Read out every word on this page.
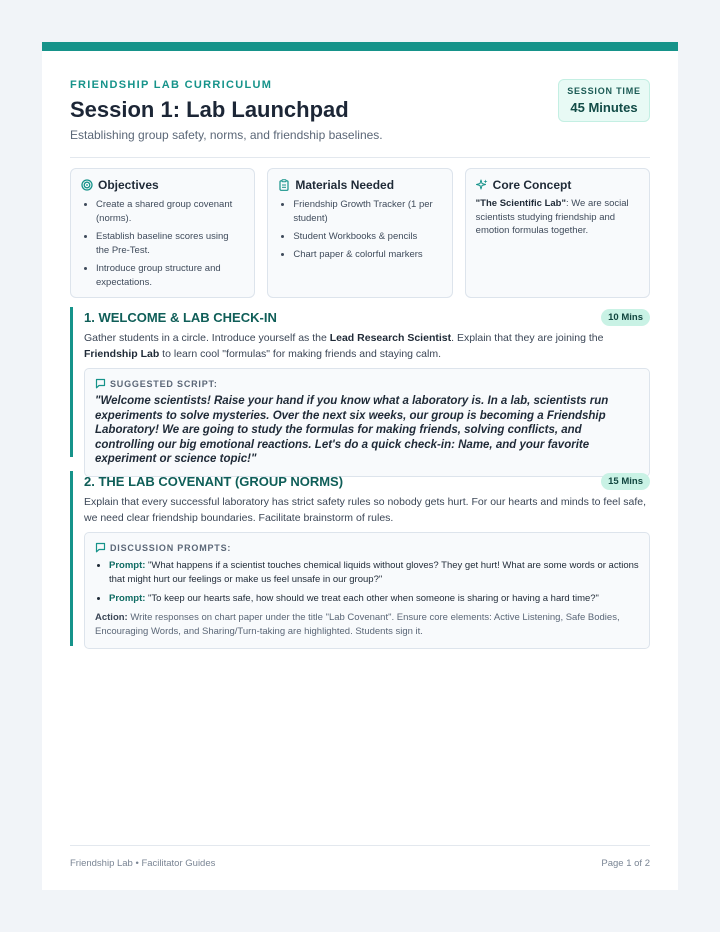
FRIENDSHIP LAB CURRICULUM
Session 1: Lab Launchpad
Establishing group safety, norms, and friendship baselines.
SESSION TIME
45 Minutes
Objectives
• Create a shared group covenant (norms).
• Establish baseline scores using the Pre-Test.
• Introduce group structure and expectations.
Materials Needed
• Friendship Growth Tracker (1 per student)
• Student Workbooks & pencils
• Chart paper & colorful markers
Core Concept

"The Scientific Lab": We are social scientists studying friendship and emotion formulas together.

1. WELCOME & LAB CHECK-IN	10 Mins

Gather students in a circle. Introduce yourself as the Lead Research Scientist. Explain that they are joining the Friendship Lab to learn cool "formulas" for making friends and staying calm.

SUGGESTED SCRIPT:

"Welcome scientists! Raise your hand if you know what a laboratory is. In a lab, scientists run experiments to solve mysteries. Over the next six weeks, our group is becoming a Friendship Laboratory! We are going to study the formulas for making friends, solving conflicts, and controlling our big emotional reactions. Let's do a quick check-in: Name, and your favorite experiment or science topic!"

2. THE LAB COVENANT (GROUP NORMS)	15 Mins

Explain that every successful laboratory has strict safety rules so nobody gets hurt. For our hearts and minds to feel safe, we need clear friendship boundaries. Facilitate brainstorm of rules.

DISCUSSION PROMPTS:
• Prompt: "What happens if a scientist touches chemical liquids without gloves? They get hurt! What are some words or actions that might hurt our feelings or make us feel unsafe in our group?"
• Prompt: "To keep our hearts safe, how should we treat each other when someone is sharing or having a hard time?"

Action: Write responses on chart paper under the title "Lab Covenant". Ensure core elements: Active Listening, Safe Bodies, Encouraging Words, and Sharing/Turn-taking are highlighted. Students sign it.

Friendship Lab • Facilitator Guides	Page 1 of 2
